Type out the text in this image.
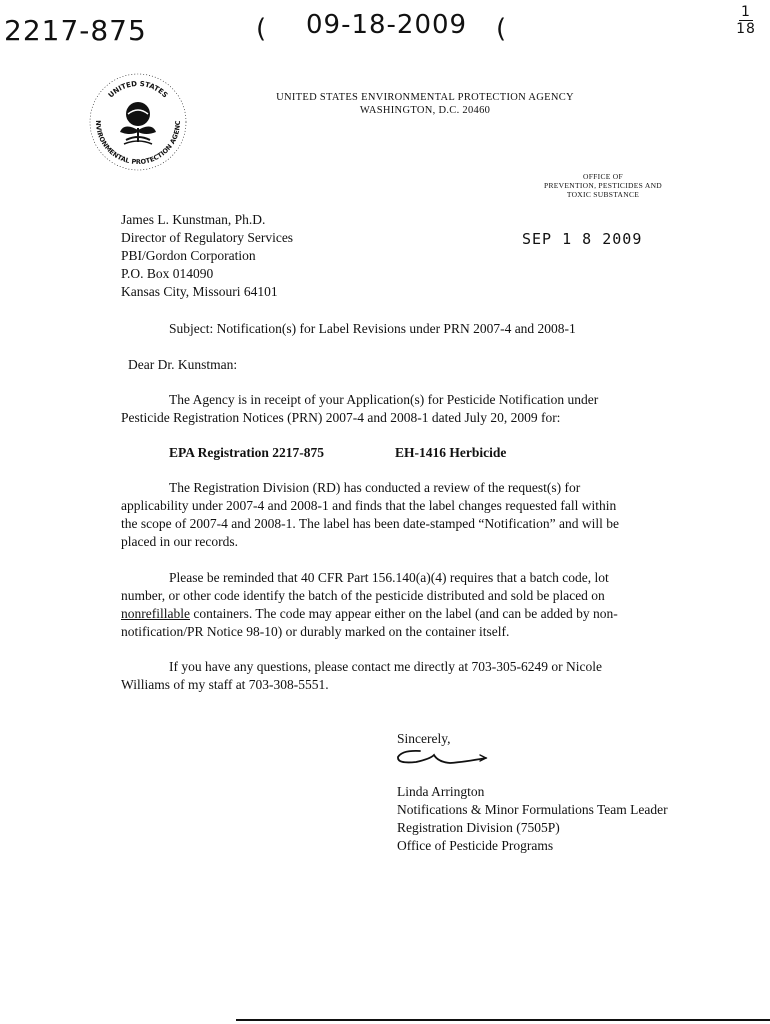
2217-875	( 09-18-2009 (
1
18
UNITED STATES
NVIRONMENTAL PROTECTION AGENC
UNITED STATES ENVIRONMENTAL PROTECTION AGENCY
WASHINGTON, D.C. 20460
OFFICE OF
PREVENTION, PESTICIDES AND
TOXIC SUBSTANCE
SEP 1 8 2009
James L. Kunstman, Ph.D.
Director of Regulatory Services
PBI/Gordon Corporation
P.O. Box 014090
Kansas City, Missouri 64101
Subject: Notification(s) for Label Revisions under PRN 2007-4 and 2008-1
Dear Dr. Kunstman:
The Agency is in receipt of your Application(s) for Pesticide Notification under
Pesticide Registration Notices (PRN) 2007-4 and 2008-1 dated July 20, 2009 for:
EPA Registration 2217-875	EH-1416 Herbicide
The Registration Division (RD) has conducted a review of the request(s) for
applicability under 2007-4 and 2008-1 and finds that the label changes requested fall within
the scope of 2007-4 and 2008-1. The label has been date-stamped “Notification” and will be
placed in our records.
Please be reminded that 40 CFR Part 156.140(a)(4) requires that a batch code, lot
number, or other code identify the batch of the pesticide distributed and sold be placed on
nonrefillable containers. The code may appear either on the label (and can be added by non-
notification/PR Notice 98-10) or durably marked on the container itself.
If you have any questions, please contact me directly at 703-305-6249 or Nicole
Williams of my staff at 703-308-5551.
Sincerely,
Linda Arrington
Notifications & Minor Formulations Team Leader
Registration Division (7505P)
Office of Pesticide Programs
